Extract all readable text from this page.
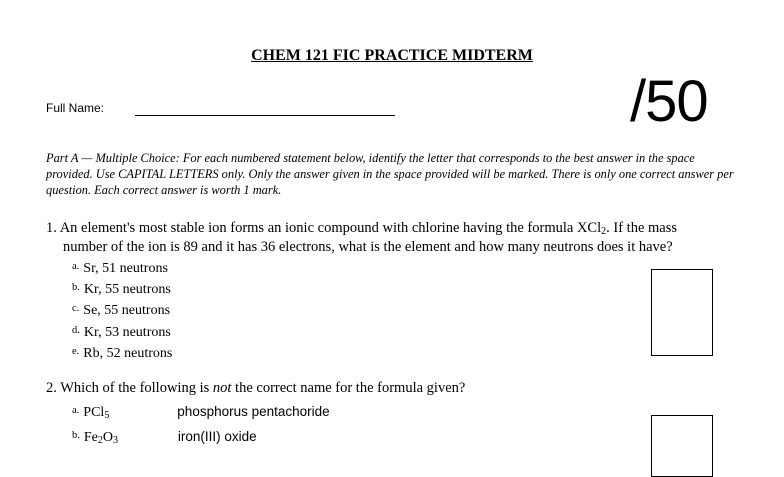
CHEM 121 FIC PRACTICE MIDTERM
Full Name:	/50
Part A — Multiple Choice: For each numbered statement below, identify the letter that corresponds to the best answer in the space provided. Use CAPITAL LETTERS only. Only the answer given in the space provided will be marked. There is only one correct answer per question. Each correct answer is worth 1 mark.
1. An element's most stable ion forms an ionic compound with chlorine having the formula XCl$_2$. If the mass
number of the ion is 89 and it has 36 electrons, what is the element and how many neutrons does it have?
$^{a.}$ Sr, 51 neutrons
$^{b.}$ Kr, 55 neutrons
$^{c.}$ Se, 55 neutrons
$^{d.}$ Kr, 53 neutrons
$^{e.}$ Rb, 52 neutrons
2. Which of the following is not the correct name for the formula given?
$^{a.}$ PCl$_5$	phosphorus pentachoride
$^{b.}$ $Fe_2O_3$	iron(III) oxide
